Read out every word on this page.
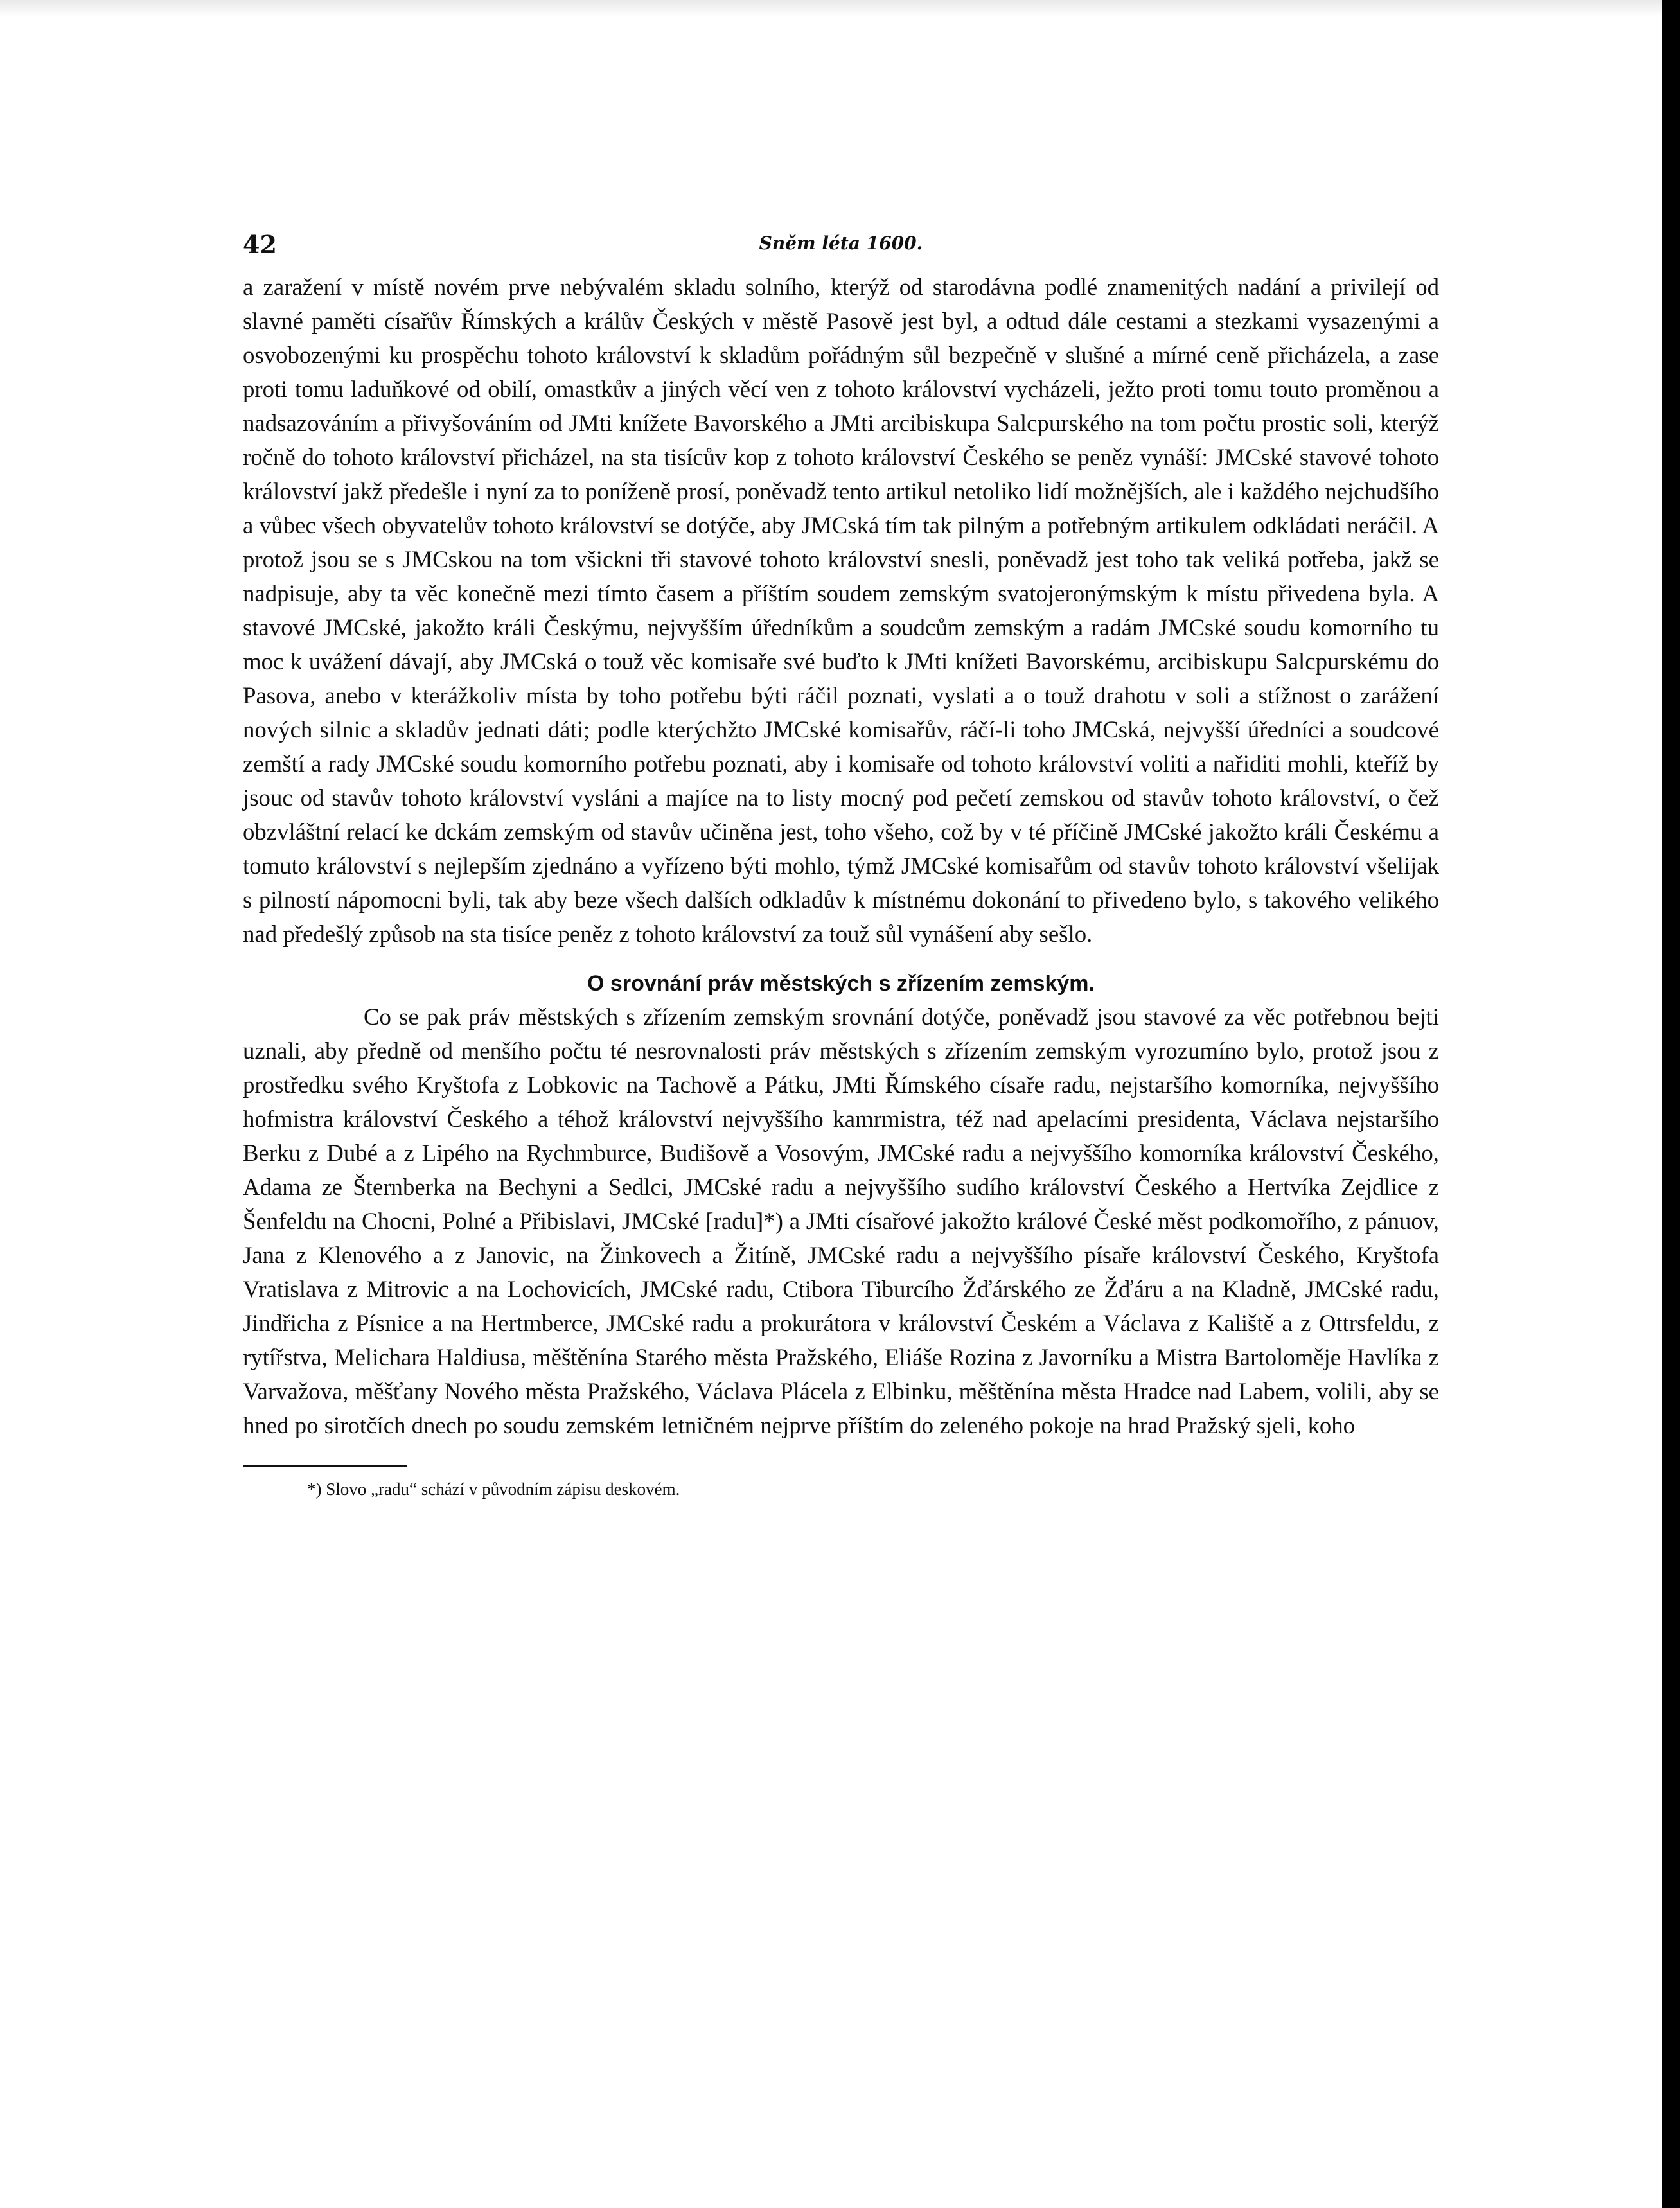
42	Sněm léta 1600.

a zaražení v místě novém prve nebývalém skladu solního, kterýž od starodávna podlé znamenitých nadání a privilejí od slavné paměti císařův Římských a králův Českých v městě Pasově jest byl, a odtud dále cestami a stezkami vysazenými a osvobozenými ku prospěchu tohoto království k skladům pořádným sůl bezpečně v slušné a mírné ceně přicházela, a zase proti tomu laduňkové od obilí, omastkův a jiných věcí ven z tohoto království vycházeli, ježto proti tomu touto proměnou a nadsazováním a přivyšováním od JMti knížete Bavorského a JMti arcibiskupa Salcpurského na tom počtu prostic soli, kterýž ročně do tohoto království přicházel, na sta tisícův kop z tohoto království Českého se peněz vynáší: JMCské stavové tohoto království jakž předešle i nyní za to poníženě prosí, poněvadž tento artikul netoliko lidí možnějších, ale i každého nejchudšího a vůbec všech obyvatelův tohoto království se dotýče, aby JMCská tím tak pilným a potřebným artikulem odkládati neráčil. A protož jsou se s JMCskou na tom všickni tři stavové tohoto království snesli, poněvadž jest toho tak veliká potřeba, jakž se nadpisuje, aby ta věc konečně mezi tímto časem a příštím soudem zemským svatojeronýmským k místu přivedena byla. A stavové JMCské, jakožto králi Českýmu, nejvyšším úředníkům a soudcům zemským a radám JMCské soudu komorního tu moc k uvážení dávají, aby JMCská o touž věc komisaře své buďto k JMti knížeti Bavorskému, arcibiskupu Salcpurskému do Pasova, anebo v kterážkoliv místa by toho potřebu býti ráčil poznati, vyslati a o touž drahotu v soli a stížnost o zarážení nových silnic a skladův jednati dáti; podle kterýchžto JMCské komisařův, ráčí-li toho JMCská, nejvyšší úředníci a soudcové zemští a rady JMCské soudu komorního potřebu poznati, aby i komisaře od tohoto království voliti a nařiditi mohli, kteříž by jsouc od stavův tohoto království vysláni a majíce na to listy mocný pod pečetí zemskou od stavův tohoto království, o čež obzvláštní relací ke dckám zemským od stavův učiněna jest, toho všeho, což by v té příčině JMCské jakožto králi Českému a tomuto království s nejlepším zjednáno a vyřízeno býti mohlo, týmž JMCské komisařům od stavův tohoto království všelijak s pilností nápomocni byli, tak aby beze všech dalších odkladův k místnému dokonání to přivedeno bylo, s takového velikého nad předešlý způsob na sta tisíce peněz z tohoto království za touž sůl vynášení aby sešlo.

O srovnání práv městských s zřízením zemským.

Co se pak práv městských s zřízením zemským srovnání dotýče, poněvadž jsou stavové za věc potřebnou bejti uznali, aby předně od menšího počtu té nesrovnalosti práv městských s zřízením zemským vyrozumíno bylo, protož jsou z prostředku svého Kryštofa z Lobkovic na Tachově a Pátku, JMti Římského císaře radu, nejstaršího komorníka, nejvyššího hofmistra království Českého a téhož království nejvyššího kamrmistra, též nad apelacími presidenta, Václava nejstaršího Berku z Dubé a z Lipého na Rychmburce, Budišově a Vosovým, JMCské radu a nejvyššího komorníka království Českého, Adama ze Šternberka na Bechyni a Sedlci, JMCské radu a nejvyššího sudího království Českého a Hertvíka Zejdlice z Šenfeldu na Chocni, Polné a Přibislavi, JMCské [radu]*) a JMti císařové jakožto králové České měst podkomořího, z pánuov, Jana z Klenového a z Janovic, na Žinkovech a Žitíně, JMCské radu a nejvyššího písaře království Českého, Kryštofa Vratislava z Mitrovic a na Lochovicích, JMCské radu, Ctibora Tiburcího Žďárského ze Žďáru a na Kladně, JMCské radu, Jindřicha z Písnice a na Hertmberce, JMCské radu a prokurátora v království Českém a Václava z Kaliště a z Ottrsfeldu, z rytířstva, Melichara Haldiusa, měštěnína Starého města Pražského, Eliáše Rozina z Javorníku a Mistra Bartoloměje Havlíka z Varvažova, měšťany Nového města Pražského, Václava Plácela z Elbinku, měštěnína města Hradce nad Labem, volili, aby se hned po sirotčích dnech po soudu zemském letničném nejprve příštím do zeleného pokoje na hrad Pražský sjeli, koho

*) Slovo „radu“ schází v původním zápisu deskovém.
